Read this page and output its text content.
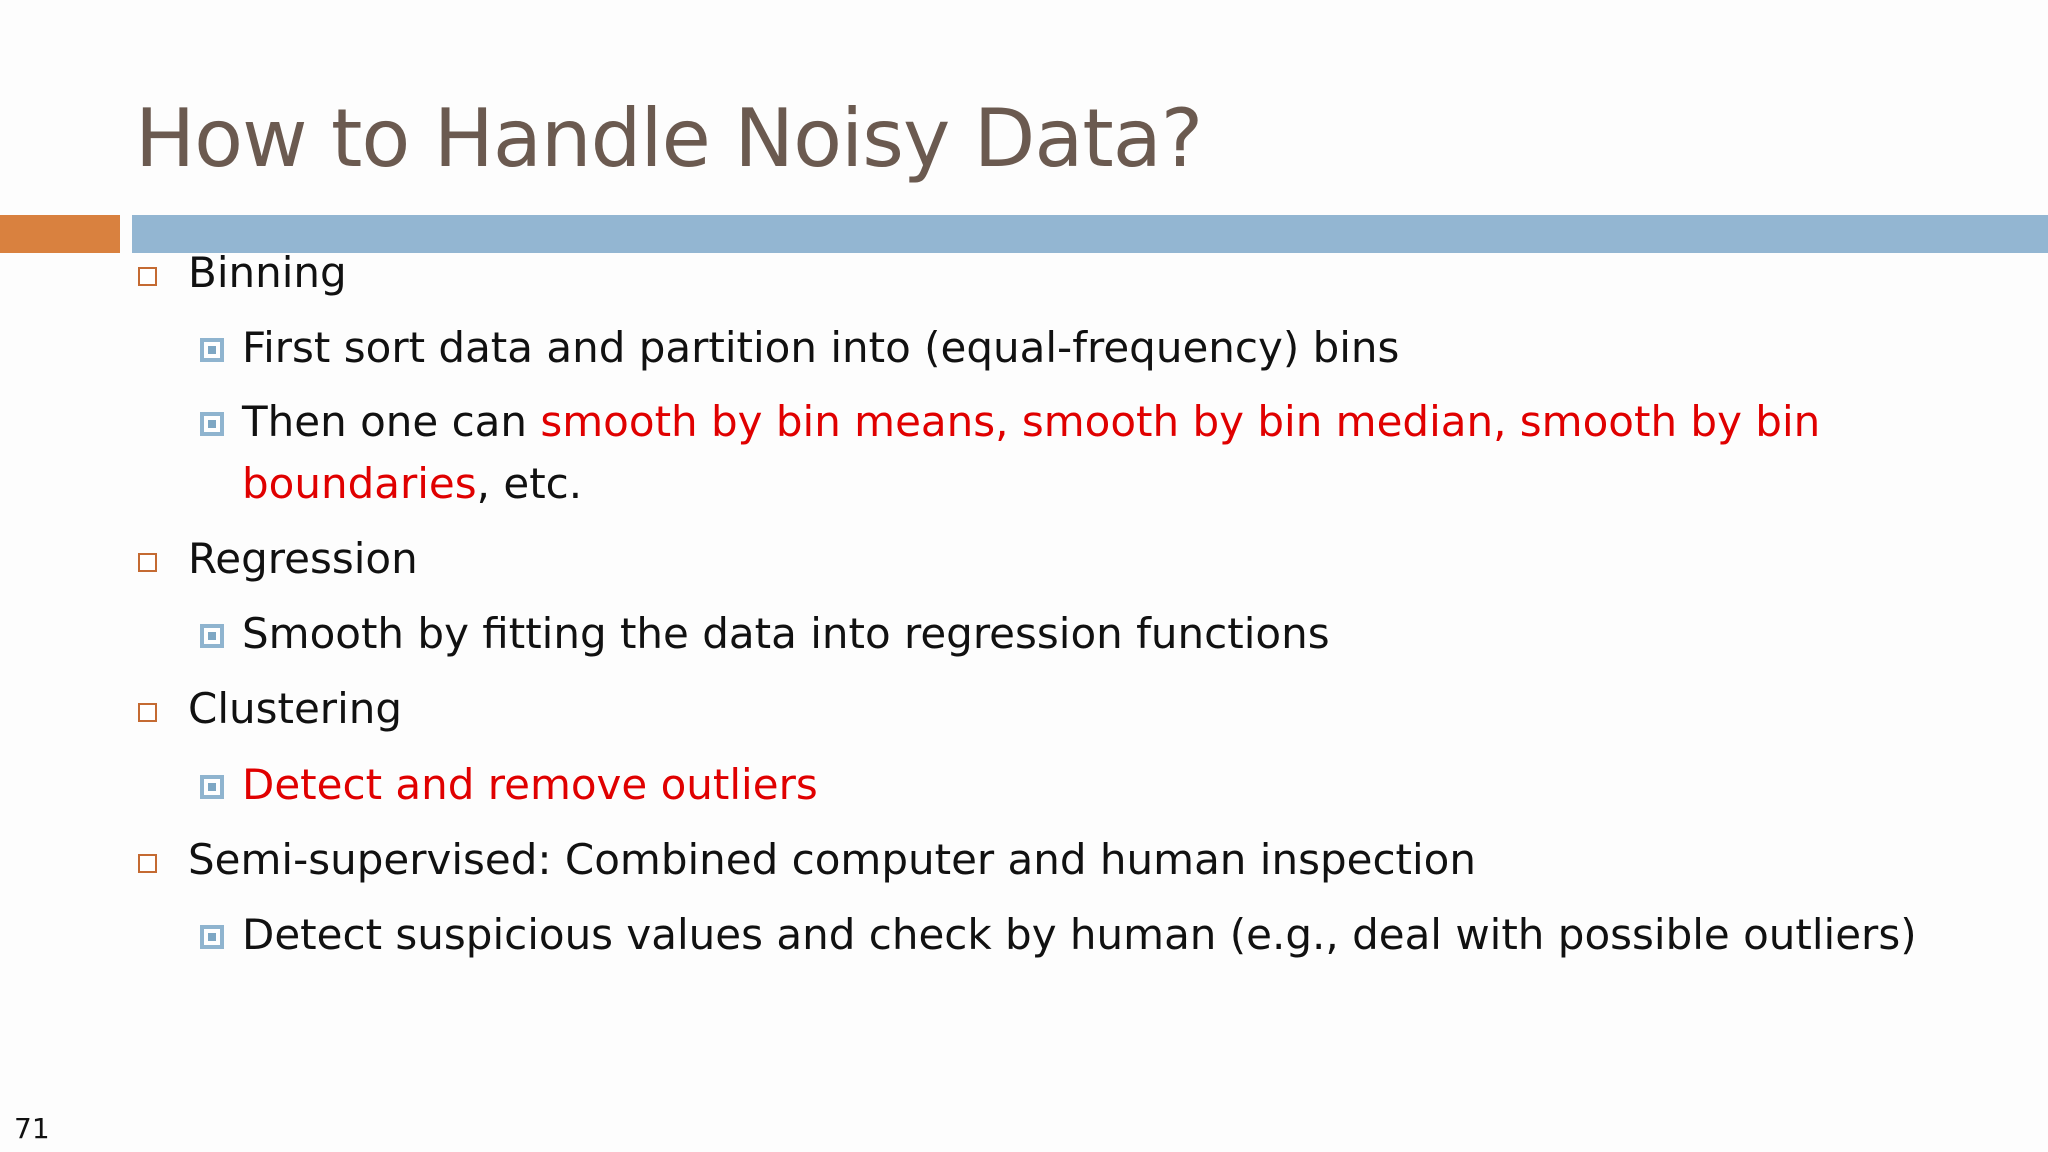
How to Handle Noisy Data?
Binning
First sort data and partition into (equal-frequency) bins
Then one can smooth by bin means, smooth by bin median, smooth by bin
boundaries, etc.
Regression
Smooth by fitting the data into regression functions
Clustering
Detect and remove outliers
Semi-supervised: Combined computer and human inspection
Detect suspicious values and check by human (e.g., deal with possible outliers)
71
